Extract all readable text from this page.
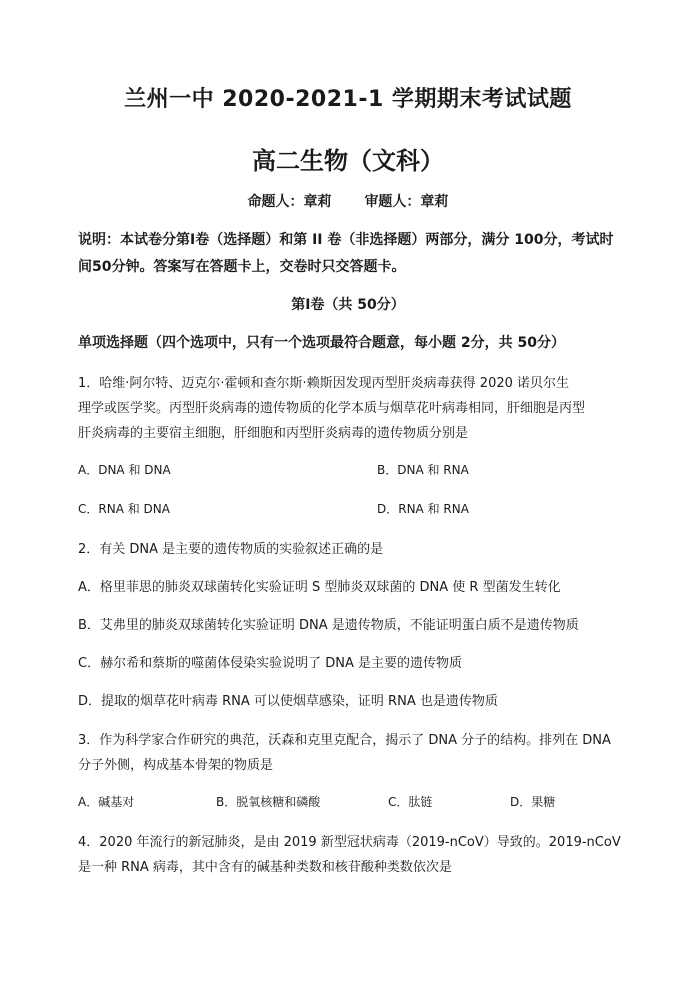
兰州一中 2020-2021-1 学期期末考试试题
高二生物（文科）
命题人：章莉 审题人：章莉
说明：本试卷分第Ⅰ卷（选择题）和第 II 卷（非选择题）两部分，满分 100分，考试时
间50分钟。答案写在答题卡上，交卷时只交答题卡。
第Ⅰ卷（共 50分）
单项选择题（四个选项中，只有一个选项最符合题意，每小题 2分，共 50分）
1．哈维·阿尔特、迈克尔·霍顿和查尔斯·赖斯因发现丙型肝炎病毒获得 2020 诺贝尔生
理学或医学奖。丙型肝炎病毒的遗传物质的化学本质与烟草花叶病毒相同，肝细胞是丙型
肝炎病毒的主要宿主细胞，肝细胞和丙型肝炎病毒的遗传物质分别是
A．DNA 和 DNA	B．DNA 和 RNA
C．RNA 和 DNA	D．RNA 和 RNA
2．有关 DNA 是主要的遗传物质的实验叙述正确的是
A．格里菲思的肺炎双球菌转化实验证明 S 型肺炎双球菌的 DNA 使 R 型菌发生转化
B．艾弗里的肺炎双球菌转化实验证明 DNA 是遗传物质，不能证明蛋白质不是遗传物质
C．赫尔希和蔡斯的噬菌体侵染实验说明了 DNA 是主要的遗传物质
D．提取的烟草花叶病毒 RNA 可以使烟草感染，证明 RNA 也是遗传物质
3．作为科学家合作研究的典范，沃森和克里克配合，揭示了 DNA 分子的结构。排列在 DNA
分子外侧，构成基本骨架的物质是
A．碱基对	B．脱氧核糖和磷酸	C．肽链	D．果糖
4．2020 年流行的新冠肺炎，是由 2019 新型冠状病毒（2019-nCoV）导致的。2019-nCoV
是一种 RNA 病毒，其中含有的碱基种类数和核苷酸种类数依次是
